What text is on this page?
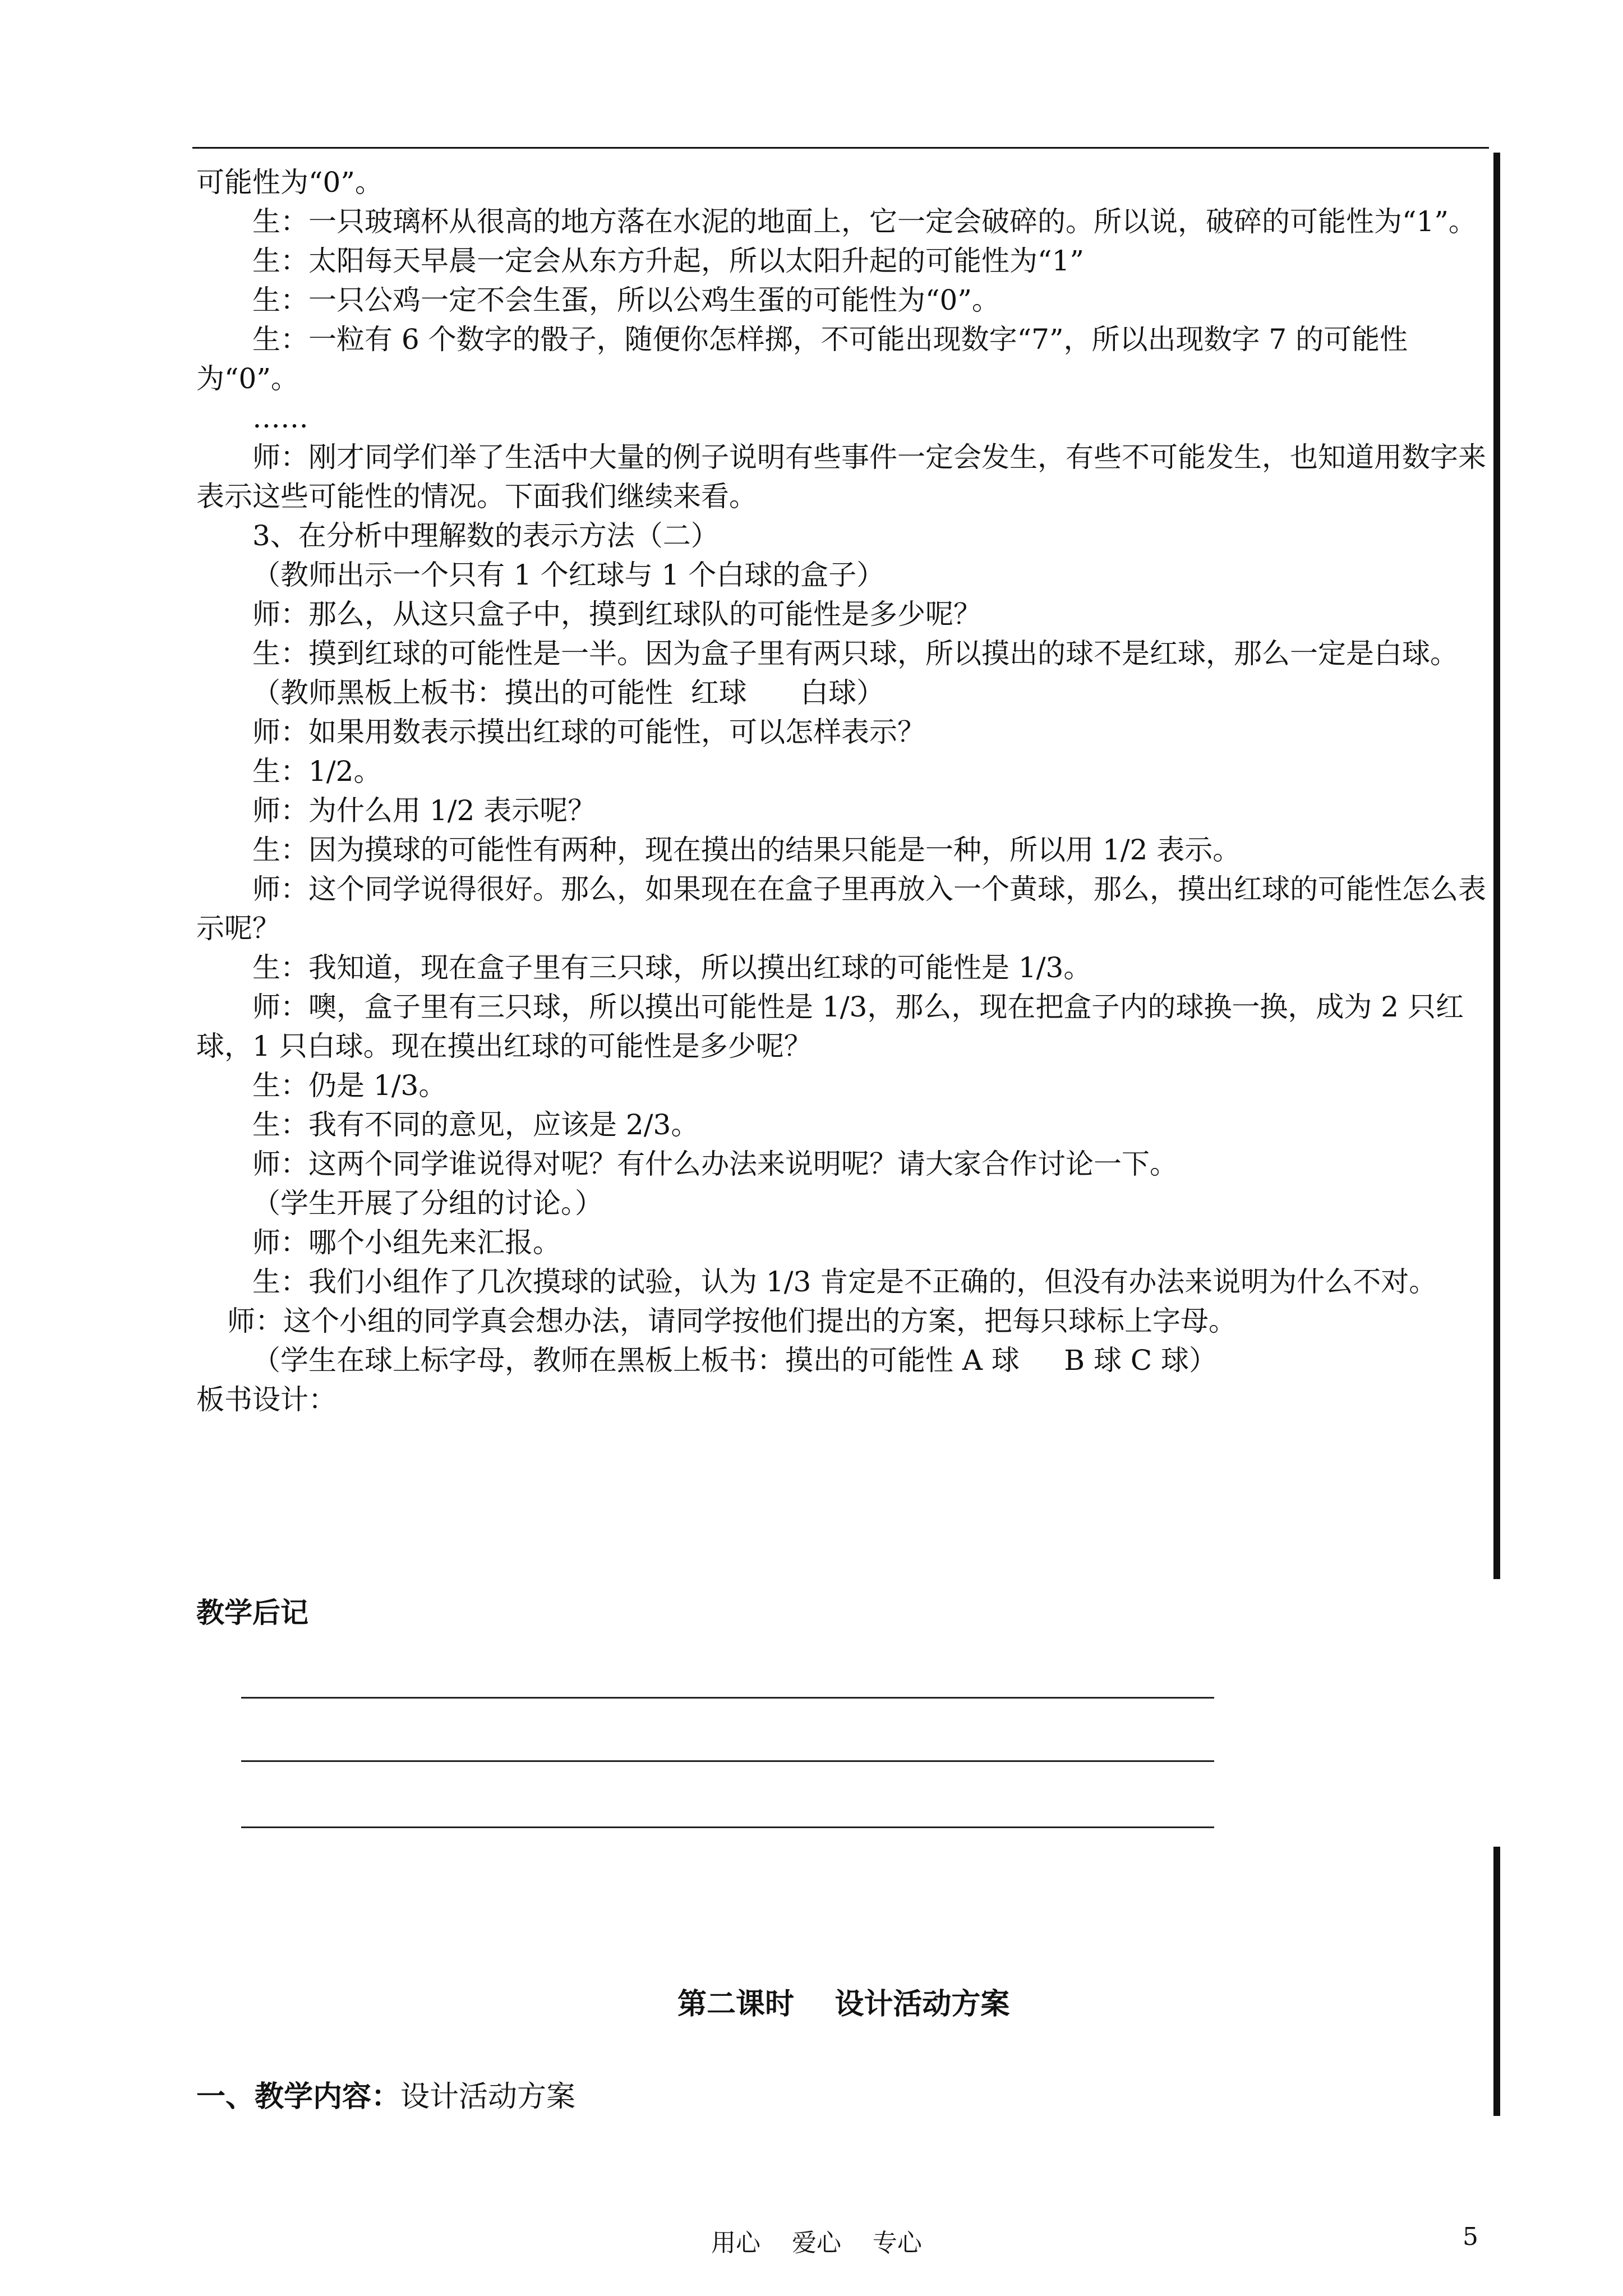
可能性为“0”。

生：一只玻璃杯从很高的地方落在水泥的地面上，它一定会破碎的。所以说，破碎的可能性为“1”。

生：太阳每天早晨一定会从东方升起，所以太阳升起的可能性为“1”

生：一只公鸡一定不会生蛋，所以公鸡生蛋的可能性为“0”。

生：一粒有 6 个数字的骰子，随便你怎样掷，不可能出现数字“7”，所以出现数字 7 的可能性为“0”。

……

师：刚才同学们举了生活中大量的例子说明有些事件一定会发生，有些不可能发生，也知道用数字来表示这些可能性的情况。下面我们继续来看。

3、在分析中理解数的表示方法（二）

（教师出示一个只有 1 个红球与 1 个白球的盒子）

师：那么，从这只盒子中，摸到红球队的可能性是多少呢？

生：摸到红球的可能性是一半。因为盒子里有两只球，所以摸出的球不是红球，那么一定是白球。

（教师黑板上板书：摸出的可能性  红球      白球）

师：如果用数表示摸出红球的可能性，可以怎样表示？

生：1/2。

师：为什么用 1/2 表示呢？

生：因为摸球的可能性有两种，现在摸出的结果只能是一种，所以用 1/2 表示。

师：这个同学说得很好。那么，如果现在在盒子里再放入一个黄球，那么，摸出红球的可能性怎么表示呢？

生：我知道，现在盒子里有三只球，所以摸出红球的可能性是 1/3。

师：噢，盒子里有三只球，所以摸出可能性是 1/3，那么，现在把盒子内的球换一换，成为 2 只红球，1 只白球。现在摸出红球的可能性是多少呢？

生：仍是 1/3。

生：我有不同的意见，应该是 2/3。

师：这两个同学谁说得对呢？有什么办法来说明呢？请大家合作讨论一下。

（学生开展了分组的讨论。）

师：哪个小组先来汇报。

生：我们小组作了几次摸球的试验，认为 1/3 肯定是不正确的，但没有办法来说明为什么不对。

师：这个小组的同学真会想办法，请同学按他们提出的方案，把每只球标上字母。

（学生在球上标字母，教师在黑板上板书：摸出的可能性 A 球     B 球 C 球）

板书设计：

教学后记
第二课时    设计活动方案
一、教学内容：设计活动方案
用心    爱心    专心	5
